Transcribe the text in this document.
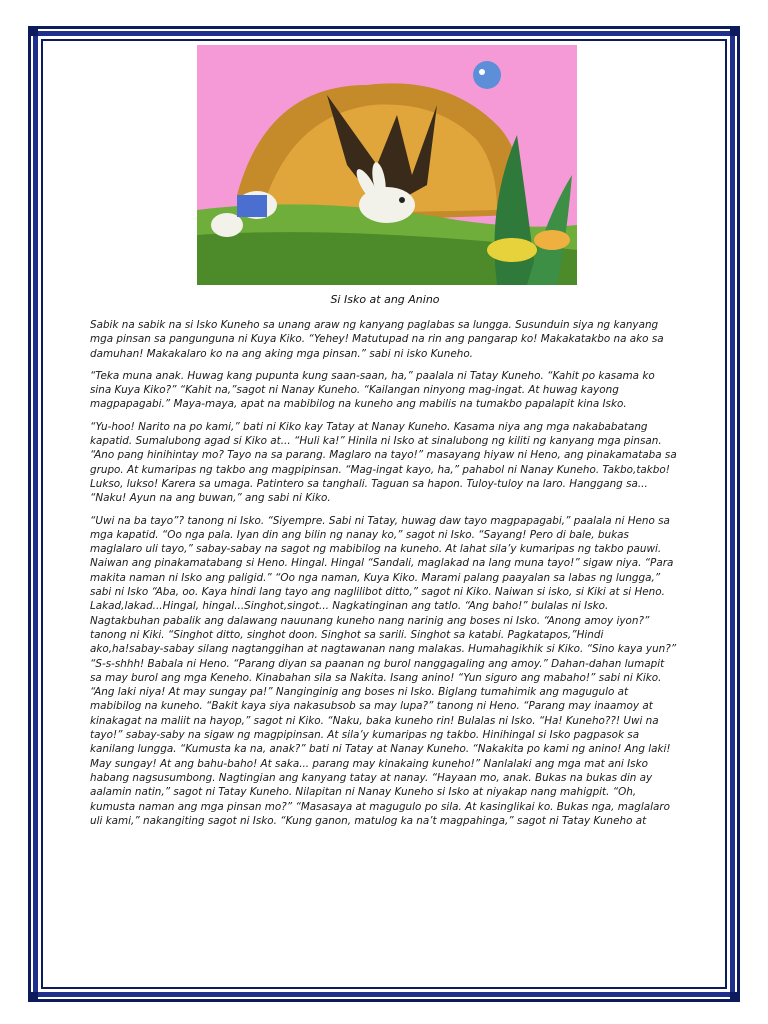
Si Isko at ang Anino

Sabik na sabik na si Isko Kuneho sa unang araw ng kanyang paglabas sa lungga. Susunduin siya ng kanyang mga pinsan sa pangunguna ni Kuya Kiko. “Yehey! Matutupad na rin ang pangarap ko! Makakatakbo na ako sa damuhan! Makakalaro ko na ang aking mga pinsan.” sabi ni isko Kuneho.

“Teka muna anak. Huwag kang pupunta kung saan-saan, ha,” paalala ni Tatay Kuneho. “Kahit po kasama ko sina Kuya Kiko?” “Kahit na,”sagot ni Nanay Kuneho. “Kailangan ninyong mag-ingat. At huwag kayong magpapagabi.” Maya-maya, apat na mabibilog na kuneho ang mabilis na tumakbo papalapit kina Isko.

“Yu-hoo! Narito na po kami,” bati ni Kiko kay Tatay at Nanay Kuneho. Kasama niya ang mga nakababatang kapatid. Sumalubong agad si Kiko at... “Huli ka!” Hinila ni Isko at sinalubong ng kiliti ng kanyang mga pinsan. “Ano pang hinihintay mo? Tayo na sa parang. Maglaro na tayo!” masayang hiyaw ni Heno, ang pinakamataba sa grupo. At kumaripas ng takbo ang magpipinsan. “Mag-ingat kayo, ha,” pahabol ni Nanay Kuneho. Takbo,takbo! Lukso, lukso! Karera sa umaga. Patintero sa tanghali. Taguan sa hapon. Tuloy-tuloy na laro. Hanggang sa... “Naku! Ayun na ang buwan,” ang sabi ni Kiko.

“Uwi na ba tayo”? tanong ni Isko. “Siyempre. Sabi ni Tatay, huwag daw tayo magpapagabi,” paalala ni Heno sa mga kapatid. “Oo nga pala. Iyan din ang bilin ng nanay ko,” sagot ni Isko. “Sayang! Pero di bale, bukas maglalaro uli tayo,” sabay-sabay na sagot ng mabibilog na kuneho. At lahat sila’y kumaripas ng takbo pauwi. Naiwan ang pinakamatabang si Heno. Hingal. Hingal “Sandali, maglakad na lang muna tayo!” sigaw niya. “Para makita naman ni Isko ang paligid.” “Oo nga naman, Kuya Kiko. Marami palang paayalan sa labas ng lungga,” sabi ni Isko “Aba, oo. Kaya hindi lang tayo ang naglilibot ditto,” sagot ni Kiko. Naiwan si isko, si Kiki at si Heno. Lakad,lakad...Hingal, hingal...Singhot,singot... Nagkatinginan ang tatlo. “Ang baho!” bulalas ni Isko. Nagtakbuhan pabalik ang dalawang nauunang kuneho nang narinig ang boses ni Isko. “Anong amoy iyon?” tanong ni Kiki. “Singhot ditto, singhot doon. Singhot sa sarili. Singhot sa katabi. Pagkatapos,”Hindi ako,ha!sabay-sabay silang nagtanggihan at nagtawanan nang malakas. Humahagikhik si Kiko. “Sino kaya yun?” “S-s-shhh! Babala ni Heno. “Parang diyan sa paanan ng burol nanggagaling ang amoy.” Dahan-dahan lumapit sa may burol ang mga Keneho. Kinabahan sila sa Nakita. Isang anino! “Yun siguro ang mabaho!” sabi ni Kiko. “Ang laki niya! At may sungay pa!” Nanginginig ang boses ni Isko. Biglang tumahimik ang magugulo at mabibilog na kuneho. “Bakit kaya siya nakasubsob sa may lupa?” tanong ni Heno. “Parang may inaamoy at kinakagat na maliit na hayop,” sagot ni Kiko. “Naku, baka kuneho rin! Bulalas ni Isko. “Ha! Kuneho??! Uwi na tayo!” sabay-saby na sigaw ng magpipinsan. At sila’y kumaripas ng takbo. Hinihingal si Isko pagpasok sa kanilang lungga. “Kumusta ka na, anak?” bati ni Tatay at Nanay Kuneho. “Nakakita po kami ng anino! Ang laki! May sungay! At ang bahu-baho! At saka... parang may kinakaing kuneho!” Nanlalaki ang mga mat ani Isko habang nagsusumbong. Nagtingian ang kanyang tatay at nanay. “Hayaan mo, anak. Bukas na bukas din ay aalamin natin,” sagot ni Tatay Kuneho. Nilapitan ni Nanay Kuneho si Isko at niyakap nang mahigpit. “Oh, kumusta naman ang mga pinsan mo?” “Masasaya at magugulo po sila. At kasinglikai ko. Bukas nga, maglalaro uli kami,” nakangiting sagot ni Isko. “Kung ganon, matulog ka na’t magpahinga,” sagot ni Tatay Kuneho at
